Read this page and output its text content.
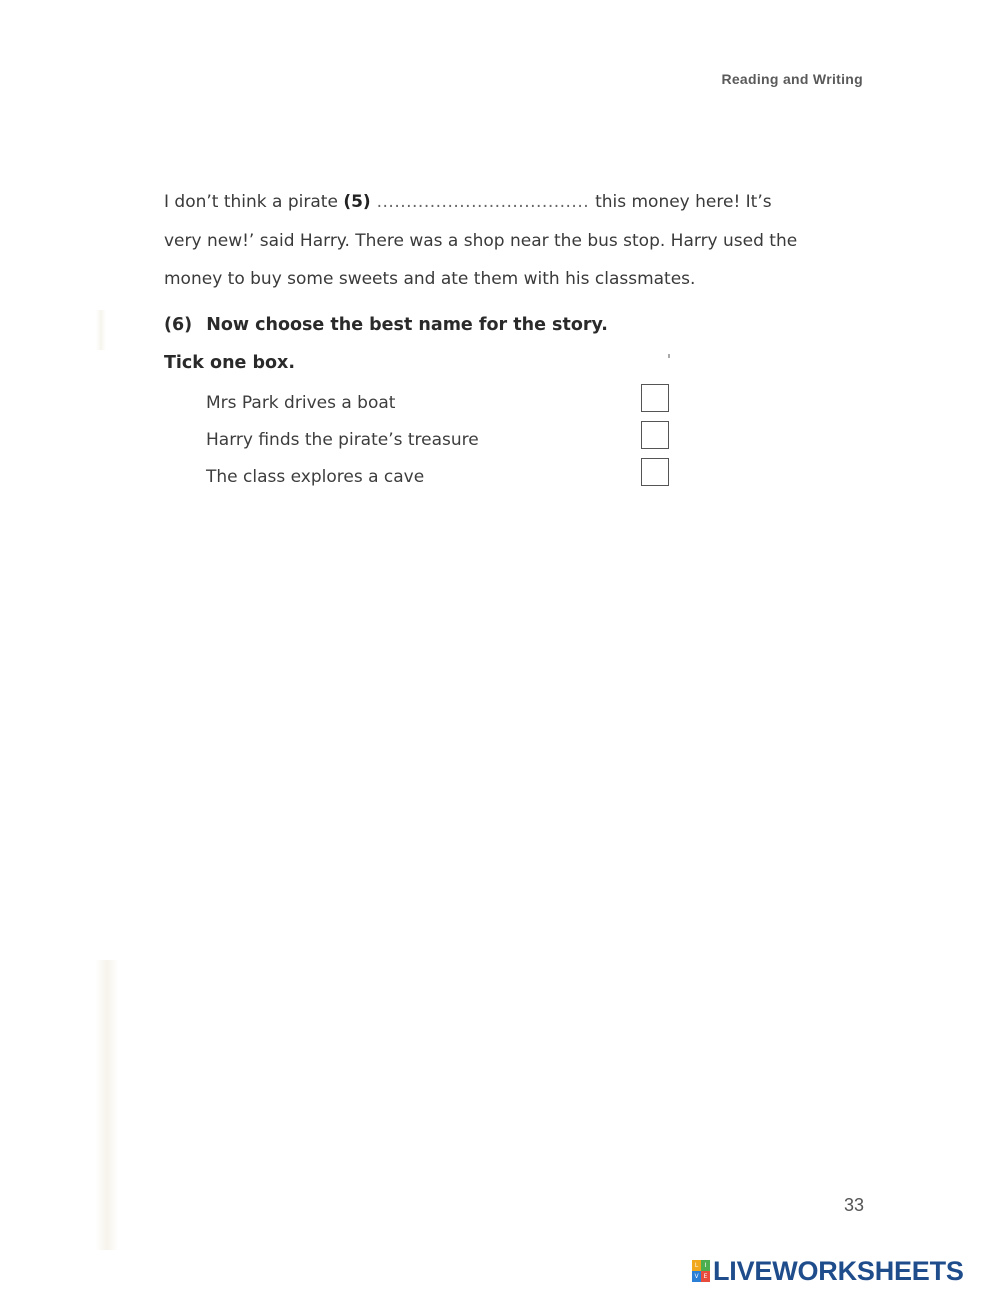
Reading and Writing
I don’t think a pirate (5) .................................... this money here! It’s
very new!’ said Harry. There was a shop near the bus stop. Harry used the
money to buy some sweets and ate them with his classmates.
(6) Now choose the best name for the story.
Tick one box.
Mrs Park drives a boat
Harry finds the pirate’s treasure
The class explores a cave
33
L	I
V E LIVEWORKSHEETS
